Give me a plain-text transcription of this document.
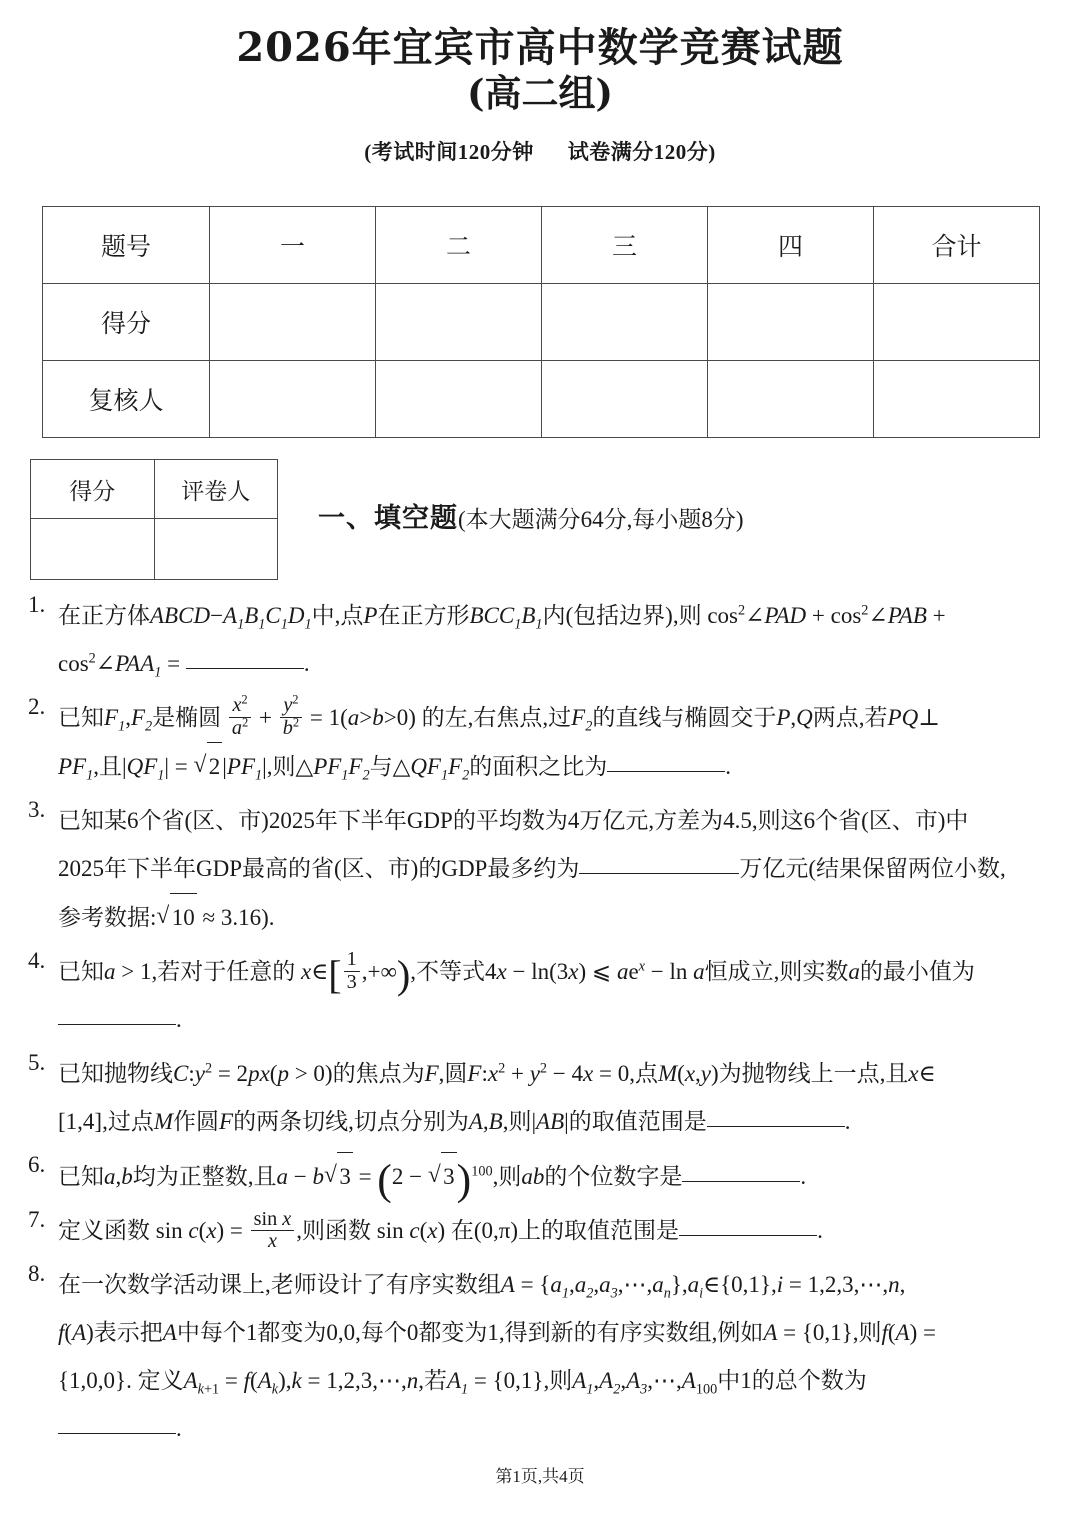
2026年宜宾市高中数学竞赛试题
(高二组)
(考试时间120分钟 试卷满分120分)
题号	一	二	三	四	合计
得分					
复核人					
得分	评卷人

一、填空题(本大题满分64分,每小题8分)
1. 在正方体$ABCD-A_1B_1C_1D_1$中,点P在正方形$BCC_1B_1$内(包括边界),则 $\cos^2\angle PAD$ + $\cos^2\angle PAB$ +
$\cos^2\angle PAA_1$ =	.
2. 已知$F_1,F_2$是椭圆 $\frac{x^2}{a^2} + \frac{y^2}{b^2} = 1(a>b>0)$ 的左,右焦点,过$F_2$的直线与椭圆交于P,Q两点,若PQ⊥
$PF_1$,且$|QF_1|$ = √ $2|PF_1|$,则$\triangle PF_1F_2$与$\triangle QF_1F_2$的面积之比为	.
3. 已知某6个省(区、市)2025年下半年GDP的平均数为4万亿元,方差为4.5,则这6个省(区、市)中
2025年下半年GDP最高的省(区、市)的GDP最多约为	万亿元(结果保留两位小数,
参考数据: √ 10 ≈ 3.16).
4. 已知a > 1,若对于任意的 x∈[ $\frac{1}{3}$ ,+∞),不等式4x − ln(3x) ⩽ $ae^x - \ln a$恒成立,则实数a的最小值为
.
5. 已知抛物线$C:y^2 = 2px(p > 0)$的焦点为F,圆$F:x^2 + y^2 - 4x = 0$,点M(x,y)为抛物线上一点,且x∈
[1,4],过点M作圆F的两条切线,切点分别为A,B,则|AB|的取值范围是	.
6. 已知a,b均为正整数,且a − b √ 3 = (2 − √ 3)$^{100}$,则ab的个位数字是	.
7. 定义函数 $\sin c(x) = \frac{\text{sin x}}{x}$ ,则函数 sin c(x) 在(0,π)上的取值范围是	.
8. 在一次数学活动课上,老师设计了有序实数组$A = \{a_1,a_2,a_3,\cdots,a_n\},a_i\in\{0,1\},i$ = 1,2,3,⋯,n,
f(A)表示把A中每个1都变为0,0,每个0都变为1,得到新的有序实数组,例如A = {0,1},则f(A) =
{1,0,0}. 定义$A_{k+1} = f(A_k),k$ = 1,2,3,⋯,n,若$A_1 = \{0,1\}$,则$A_1,A_2,A_3,\cdots,A_{100}$中1的总个数为
.
第1页,共4页
